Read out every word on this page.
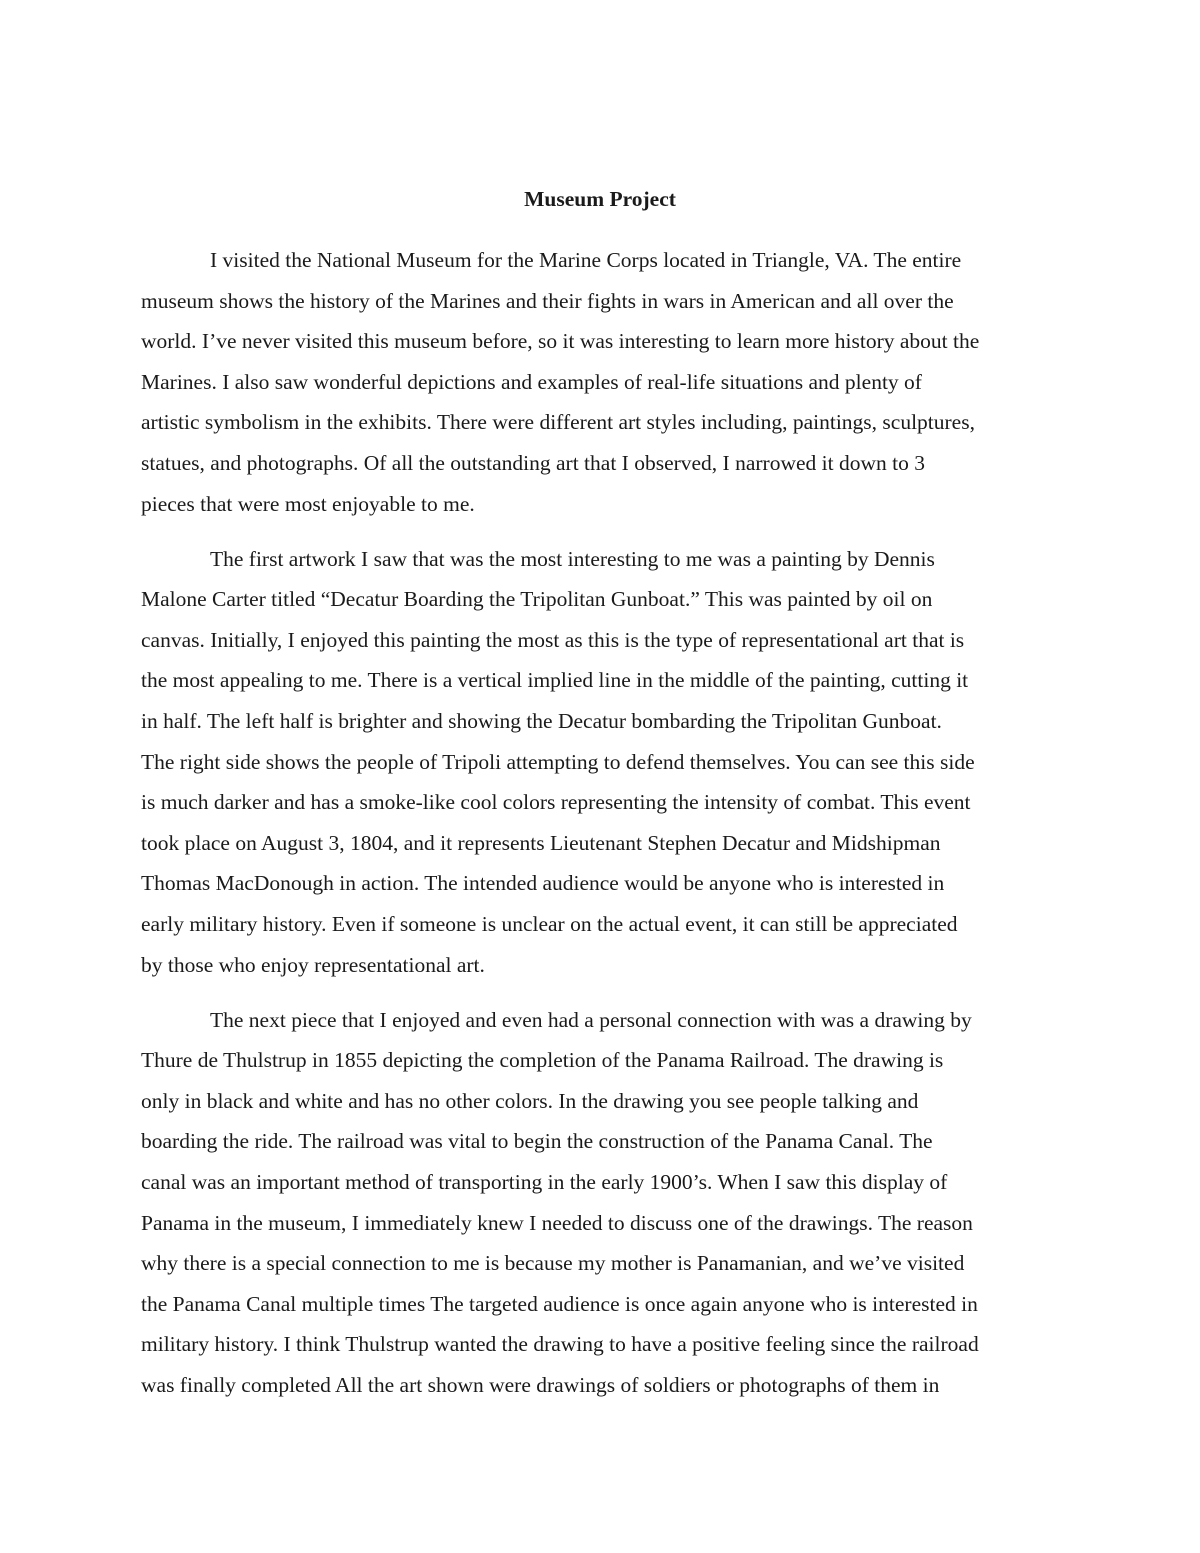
Museum Project

I visited the National Museum for the Marine Corps located in Triangle, VA. The entire
museum shows the history of the Marines and their fights in wars in American and all over the
world. I’ve never visited this museum before, so it was interesting to learn more history about the
Marines. I also saw wonderful depictions and examples of real-life situations and plenty of
artistic symbolism in the exhibits. There were different art styles including, paintings, sculptures,
statues, and photographs. Of all the outstanding art that I observed, I narrowed it down to 3
pieces that were most enjoyable to me.

The first artwork I saw that was the most interesting to me was a painting by Dennis
Malone Carter titled “Decatur Boarding the Tripolitan Gunboat.” This was painted by oil on
canvas. Initially, I enjoyed this painting the most as this is the type of representational art that is
the most appealing to me. There is a vertical implied line in the middle of the painting, cutting it
in half. The left half is brighter and showing the Decatur bombarding the Tripolitan Gunboat.
The right side shows the people of Tripoli attempting to defend themselves. You can see this side
is much darker and has a smoke-like cool colors representing the intensity of combat. This event
took place on August 3, 1804, and it represents Lieutenant Stephen Decatur and Midshipman
Thomas MacDonough in action. The intended audience would be anyone who is interested in
early military history. Even if someone is unclear on the actual event, it can still be appreciated
by those who enjoy representational art.

The next piece that I enjoyed and even had a personal connection with was a drawing by
Thure de Thulstrup in 1855 depicting the completion of the Panama Railroad. The drawing is
only in black and white and has no other colors. In the drawing you see people talking and
boarding the ride. The railroad was vital to begin the construction of the Panama Canal. The
canal was an important method of transporting in the early 1900’s. When I saw this display of
Panama in the museum, I immediately knew I needed to discuss one of the drawings. The reason
why there is a special connection to me is because my mother is Panamanian, and we’ve visited
the Panama Canal multiple times The targeted audience is once again anyone who is interested in
military history. I think Thulstrup wanted the drawing to have a positive feeling since the railroad
was finally completed All the art shown were drawings of soldiers or photographs of them in
